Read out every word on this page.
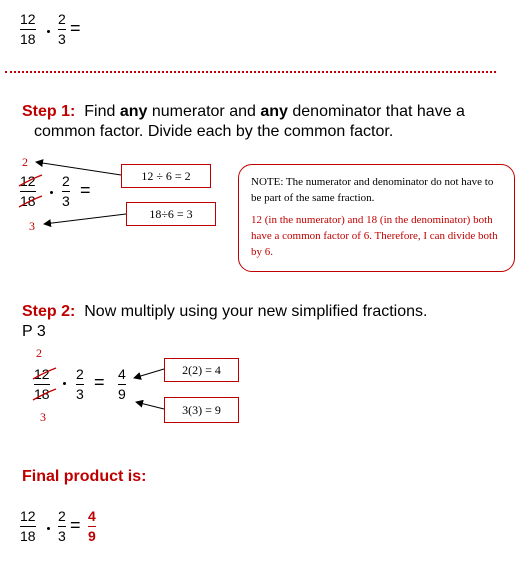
12
18
2
3
=
Step 1: Find any numerator and any denominator that have a
common factor. Divide each by the common factor.
2
12
18
3
2
3
=
12 ÷ 6 = 2
18÷6 = 3
NOTE: The numerator and denominator do not have to be part of the same fraction.
12 (in the numerator) and 18 (in the denominator) both have a common factor of 6. Therefore, I can divide both by 6.
Step 2: Now multiply using your new simplified fractions.
P 3
2
12
18
3
2
3
= 4
9
2(2) = 4
3(3) = 9
Final product is:
12
18
2
3
= 4
9
